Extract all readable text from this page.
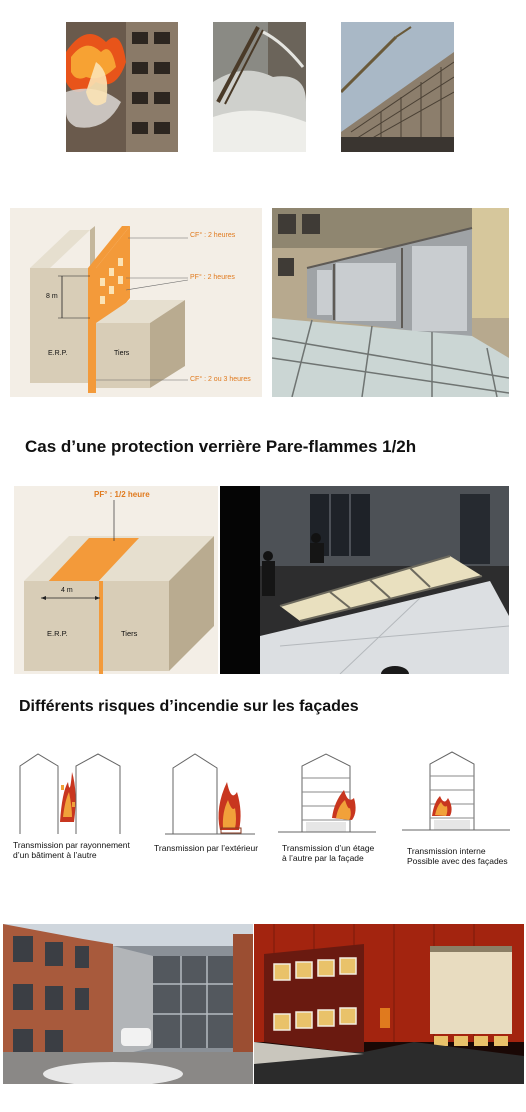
CF° : 2 heures
PF° : 2 heures
8 m
CF° : 2 ou 3 heures
E.R.P.	Tiers
Cas d’une protection verrière Pare-flammes 1/2h
PF° : 1/2 heure
4 m
E.R.P.	Tiers
Différents risques d’incendie sur les façades
Transmission par rayonnement
d’un bâtiment à l’autre
Transmission par l’extérieur	Transmission d’un étage
à l’autre par la façade
Transmission interne
Possible avec des façades
